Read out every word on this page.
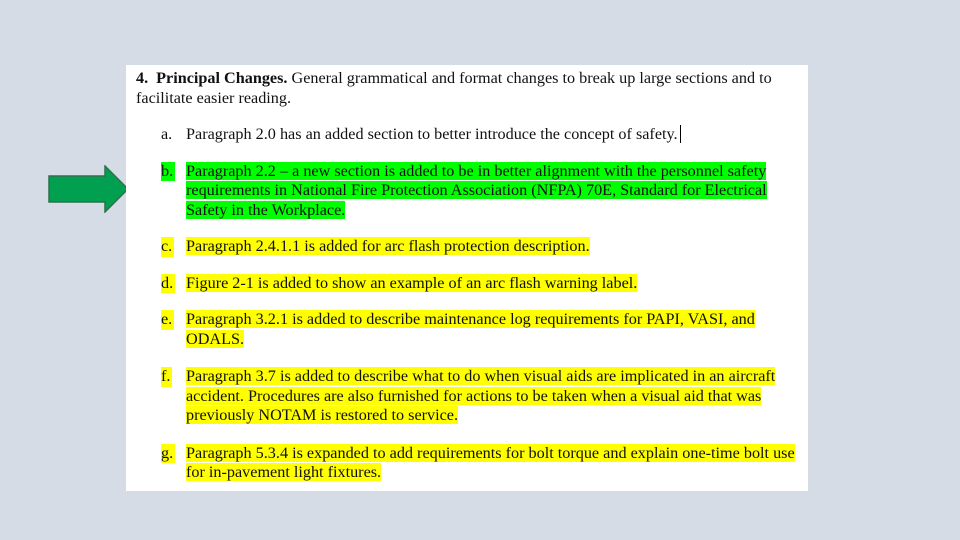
4. Principal Changes. General grammatical and format changes to break up large sections and to facilitate easier reading.

a. Paragraph 2.0 has an added section to better introduce the concept of safety.
b. Paragraph 2.2 – a new section is added to be in better alignment with the personnel safety requirements in National Fire Protection Association (NFPA) 70E, Standard for Electrical Safety in the Workplace.
c. Paragraph 2.4.1.1 is added for arc flash protection description.
d. Figure 2-1 is added to show an example of an arc flash warning label.
e. Paragraph 3.2.1 is added to describe maintenance log requirements for PAPI, VASI, and ODALS.
f. Paragraph 3.7 is added to describe what to do when visual aids are implicated in an aircraft accident. Procedures are also furnished for actions to be taken when a visual aid that was previously NOTAM is restored to service.
g. Paragraph 5.3.4 is expanded to add requirements for bolt torque and explain one-time bolt use for in-pavement light fixtures.
